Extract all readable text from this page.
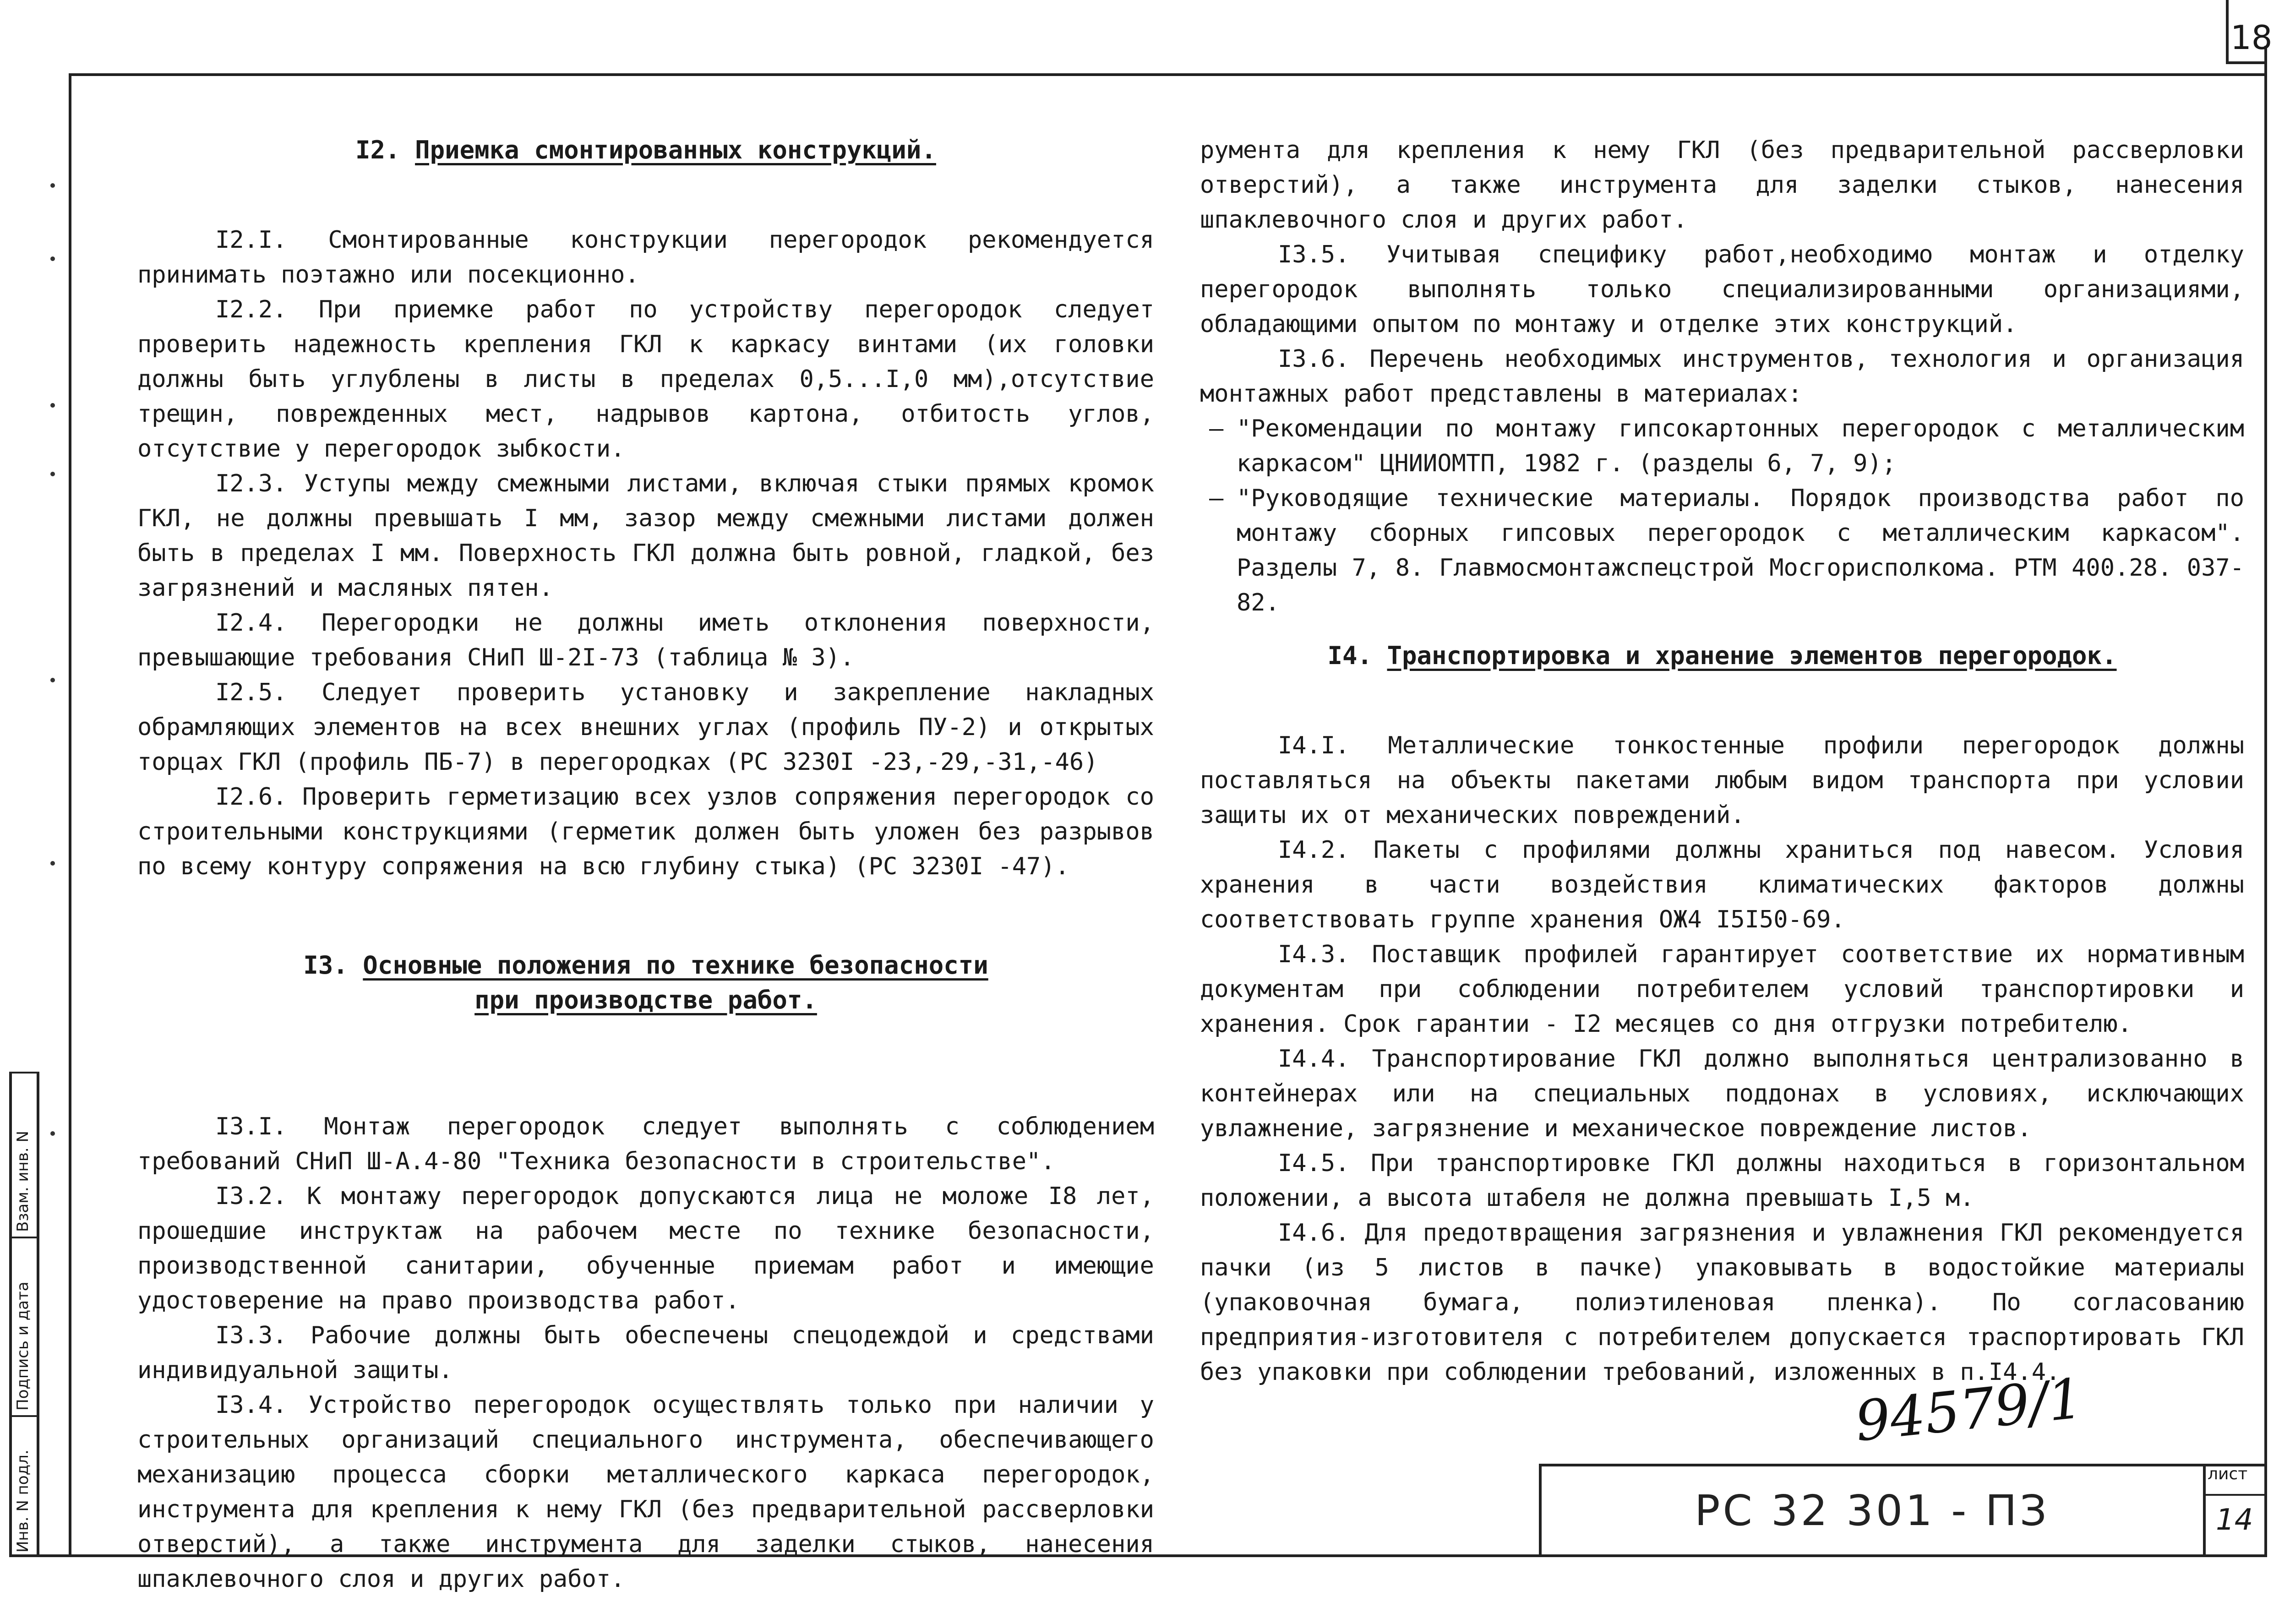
18
Взам. инв. N
Подпись и дата
Инв. N подл.
I2. Приемка смонтированных конструкций.

I2.I. Смонтированные конструкции перегородок рекомендуется принимать поэтажно или посекционно.

I2.2. При приемке работ по устройству перегородок следует проверить надежность крепления ГКЛ к каркасу винтами (их головки должны быть углублены в листы в пределах 0,5...I,0 мм),отсутствие трещин, поврежденных мест, надрывов картона, отбитость углов, отсутствие у перегородок зыбкости.

I2.3. Уступы между смежными листами, включая стыки прямых кромок ГКЛ, не должны превышать I мм, зазор между смежными листами должен быть в пределах I мм. Поверхность ГКЛ должна быть ровной, гладкой, без загрязнений и масляных пятен.

I2.4. Перегородки не должны иметь отклонения поверхности, превышающие требования СНиП Ш-2I-73 (таблица № 3).

I2.5. Следует проверить установку и закрепление накладных обрамляющих элементов на всех внешних углах (профиль ПУ-2) и открытых торцах ГКЛ (профиль ПБ-7) в перегородках (РС 3230I -23,-29,-31,-46)

I2.6. Проверить герметизацию всех узлов сопряжения перегородок со строительными конструкциями (герметик должен быть уложен без разрывов по всему контуру сопряжения на всю глубину стыка) (РС 3230I -47).

I3. Основные положения по технике безопасности
при производстве работ.

I3.I. Монтаж перегородок следует выполнять с соблюдением требований СНиП Ш-А.4-80 "Техника безопасности в строительстве".

I3.2. К монтажу перегородок допускаются лица не моложе I8 лет, прошедшие инструктаж на рабочем месте по технике безопасности, производственной санитарии, обученные приемам работ и имеющие удостоверение на право производства работ.

I3.3. Рабочие должны быть обеспечены спецодеждой и средствами индивидуальной защиты.

I3.4. Устройство перегородок осуществлять только при наличии у строительных организаций специального инструмента, обеспечивающего механизацию процесса сборки металлического каркаса перегородок, инструмента для крепления к нему ГКЛ (без предварительной рассверловки отверстий), а также инструмента для заделки стыков, нанесения шпаклевочного слоя и других работ.

рументa для крепления к нему ГКЛ (без предварительной рассверловки отверстий), а также инструмента для заделки стыков, нанесения шпаклевочного слоя и других работ.

I3.5. Учитывая специфику работ,необходимо монтаж и отделку перегородок выполнять только специализированными организациями, обладающими опытом по монтажу и отделке этих конструкций.

I3.6. Перечень необходимых инструментов, технология и организация монтажных работ представлены в материалах:

– "Рекомендации по монтажу гипсокартонных перегородок с металлическим каркасом" ЦНИИОМТП, 1982 г. (разделы 6, 7, 9);
– "Руководящие технические материалы. Порядок производства работ по монтажу сборных гипсовых перегородок с металлическим каркасом". Разделы 7, 8. Главмосмонтажспецстрой Мосгорисполкома. РТМ 400.28. 037-82.
I4. Транспортировка и хранение элементов перегородок.

I4.I. Металлические тонкостенные профили перегородок должны поставляться на объекты пакетами любым видом транспорта при условии защиты их от механических повреждений.

I4.2. Пакеты с профилями должны храниться под навесом. Условия хранения в части воздействия климатических факторов должны соответствовать группе хранения ОЖ4 I5I50-69.

I4.3. Поставщик профилей гарантирует соответствие их нормативным документам при соблюдении потребителем условий транспортировки и хранения. Срок гарантии - I2 месяцев со дня отгрузки потребителю.

I4.4. Транспортирование ГКЛ должно выполняться централизованно в контейнерах или на специальных поддонах в условиях, исключающих увлажнение, загрязнение и механическое повреждение листов.

I4.5. При транспортировке ГКЛ должны находиться в горизонтальном положении, а высота штабеля не должна превышать I,5 м.

I4.6. Для предотвращения загрязнения и увлажнения ГКЛ рекомендуется пачки (из 5 листов в пачке) упаковывать в водостойкие материалы (упаковочная бумага, полиэтиленовая пленка). По согласованию предприятия-изготовителя с потребителем допускается траспортировать ГКЛ без упаковки при соблюдении требований, изложенных в п.I4.4.

94579/1
РС 32 301 - ПЗ
лист
14
